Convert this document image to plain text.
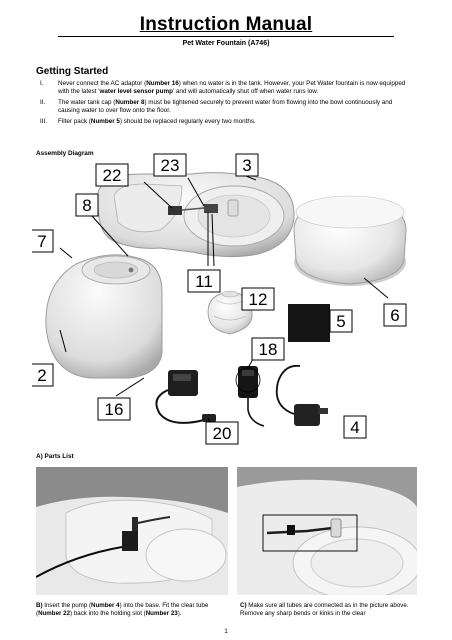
Instruction Manual
Pet Water Fountain (A746)
Getting Started
I. Never connect the AC adaptor (Number 16) when no water is in the tank. However, your Pet Water fountain is now equipped with the latest 'water level sensor pump' and will automatically shut off when water runs low.
II. The water tank cap (Number 8) must be tightened securely to prevent water from flowing into the bowl continuously and causing water to over flow onto the floor.
III. Filter pack (Number 5) should be replaced regularly every two months.
Assembly Diagram
22
23	3
8
7
11
12
5	6
18
2
16
20	4
A) Parts List
B) Insert the pump (Number 4) into the base. Fit the clear tube (Number 22) back into the holding slot (Number 23).
C) Make sure all tubes are connected as in the picture above. Remove any sharp bends or kinks in the clear
1
